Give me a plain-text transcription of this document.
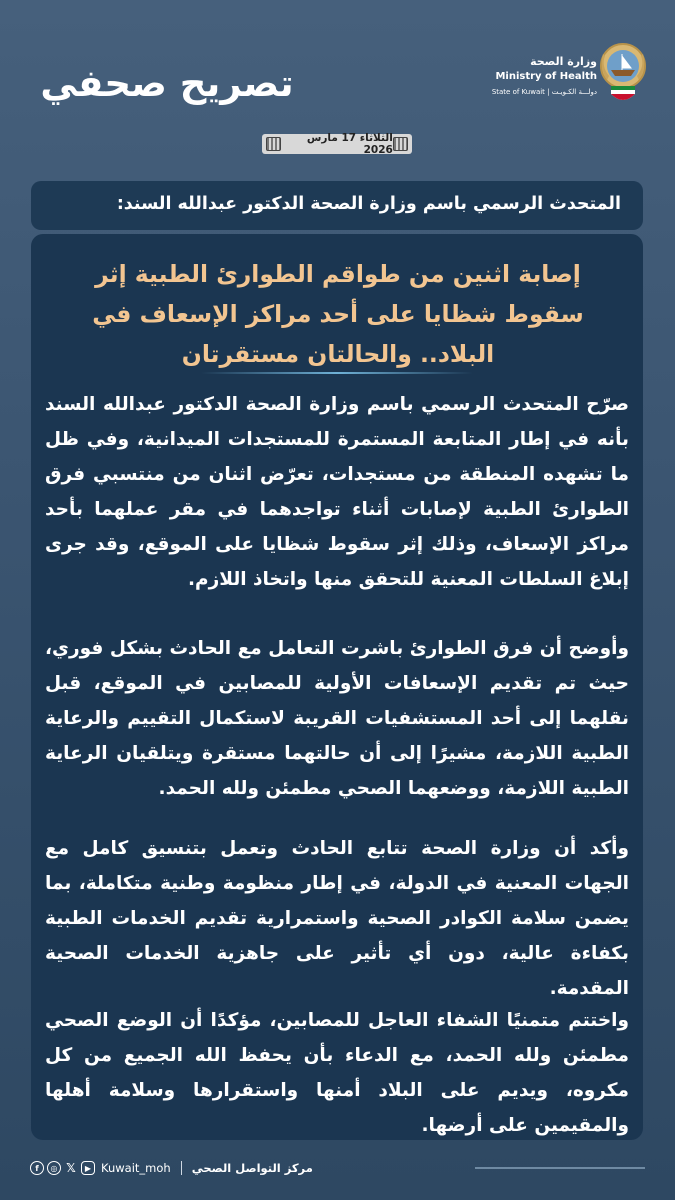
تصريح صحفي
وزارة الصحة
Ministry of Health
State of Kuwait | دولـــة الكـويـت
الثلاثاء 17 مارس 2026
المتحدث الرسمي باسم وزارة الصحة الدكتور عبدالله السند:
إصابة اثنين من طواقم الطوارئ الطبية إثر سقوط شظايا على أحد مراكز الإسعاف في البلاد.. والحالتان مستقرتان
صرّح المتحدث الرسمي باسم وزارة الصحة الدكتور عبدالله السند بأنه في إطار المتابعة المستمرة للمستجدات الميدانية، وفي ظل ما تشهده المنطقة من مستجدات، تعرّض اثنان من منتسبي فرق الطوارئ الطبية لإصابات أثناء تواجدهما في مقر عملهما بأحد مراكز الإسعاف، وذلك إثر سقوط شظايا على الموقع، وقد جرى إبلاغ السلطات المعنية للتحقق منها واتخاذ اللازم.
وأوضح أن فرق الطوارئ باشرت التعامل مع الحادث بشكل فوري، حيث تم تقديم الإسعافات الأولية للمصابين في الموقع، قبل نقلهما إلى أحد المستشفيات القريبة لاستكمال التقييم والرعاية الطبية اللازمة، مشيرًا إلى أن حالتهما مستقرة ويتلقيان الرعاية الطبية اللازمة، ووضعهما الصحي مطمئن ولله الحمد.
وأكد أن وزارة الصحة تتابع الحادث وتعمل بتنسيق كامل مع الجهات المعنية في الدولة، في إطار منظومة وطنية متكاملة، بما يضمن سلامة الكوادر الصحية واستمرارية تقديم الخدمات الطبية بكفاءة عالية، دون أي تأثير على جاهزية الخدمات الصحية المقدمة.
واختتم متمنيًا الشفاء العاجل للمصابين، مؤكدًا أن الوضع الصحي مطمئن ولله الحمد، مع الدعاء بأن يحفظ الله الجميع من كل مكروه، ويديم على البلاد أمنها واستقرارها وسلامة أهلها والمقيمين على أرضها.
مركز التواصل الصحي
f	◎ 𝕏	▶ Kuwait_moh
